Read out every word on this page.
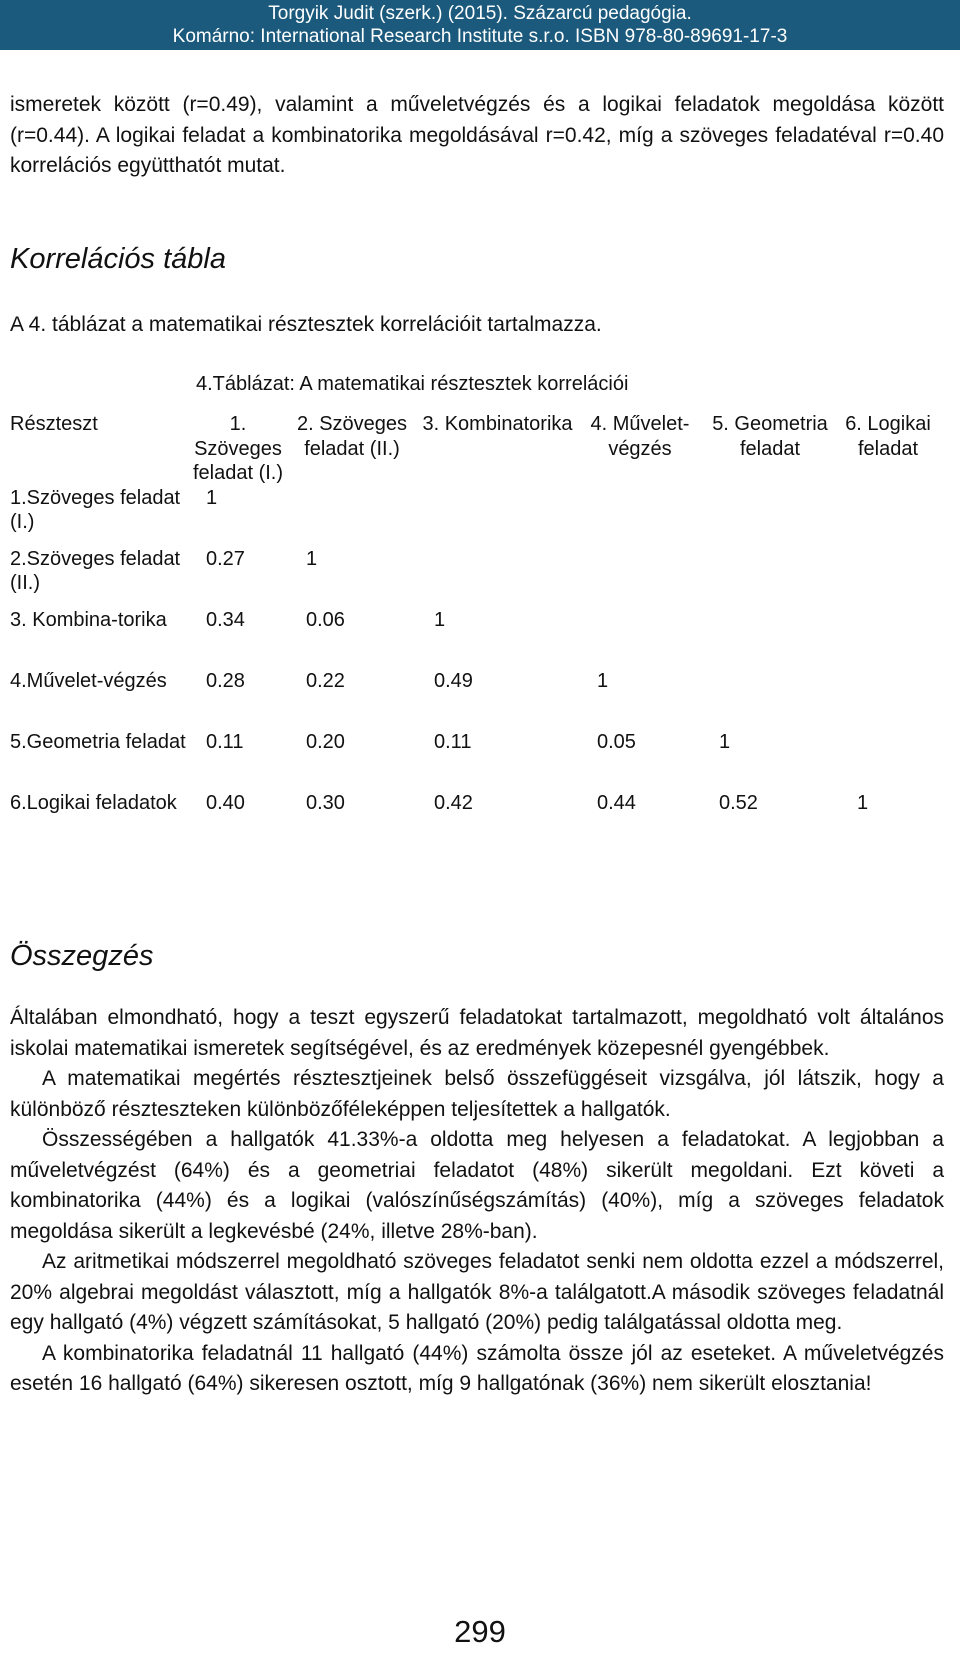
Torgyik Judit (szerk.) (2015). Százarcú pedagógia.
Komárno: International Research Institute s.r.o. ISBN 978-80-89691-17-3

ismeretek között (r=0.49), valamint a műveletvégzés és a logikai feladatok megoldása között (r=0.44). A logikai feladat a kombinatorika megoldásával r=0.42, míg a szöveges feladatéval r=0.40 korrelációs együtthatót mutat.

Korrelációs tábla
A 4. táblázat a matematikai résztesztek korrelációit tartalmazza.
4.Táblázat: A matematikai résztesztek korrelációi
Részteszt	1. Szöveges feladat (I.)	2. Szöveges feladat (II.)	3. Kombinatorika	4. Művelet-végzés	5. Geometria feladat	6. Logikai feladat
1.Szöveges feladat (I.)	1					
2.Szöveges feladat (II.)	0.27	1				
3. Kombina-torika	0.34	0.06	1			
4.Művelet-végzés	0.28	0.22	0.49	1		
5.Geometria feladat	0.11	0.20	0.11	0.05	1	
6.Logikai feladatok	0.40	0.30	0.42	0.44	0.52	1
Összegzés

Általában elmondható, hogy a teszt egyszerű feladatokat tartalmazott, megoldható volt általános iskolai matematikai ismeretek segítségével, és az eredmények közepesnél gyengébbek.

A matematikai megértés résztesztjeinek belső összefüggéseit vizsgálva, jól látszik, hogy a különböző részteszteken különbözőféleképpen teljesítettek a hallgatók.

Összességében a hallgatók 41.33%-a oldotta meg helyesen a feladatokat. A legjobban a műveletvégzést (64%) és a geometriai feladatot (48%) sikerült megoldani. Ezt követi a kombinatorika (44%) és a logikai (valószínűségszámítás) (40%), míg a szöveges feladatok megoldása sikerült a legkevésbé (24%, illetve 28%-ban).

Az aritmetikai módszerrel megoldható szöveges feladatot senki nem oldotta ezzel a módszerrel, 20% algebrai megoldást választott, míg a hallgatók 8%-a találgatott.A második szöveges feladatnál egy hallgató (4%) végzett számításokat, 5 hallgató (20%) pedig találgatással oldotta meg.

A kombinatorika feladatnál 11 hallgató (44%) számolta össze jól az eseteket. A műveletvégzés esetén 16 hallgató (64%) sikeresen osztott, míg 9 hallgatónak (36%) nem sikerült elosztania!

299
